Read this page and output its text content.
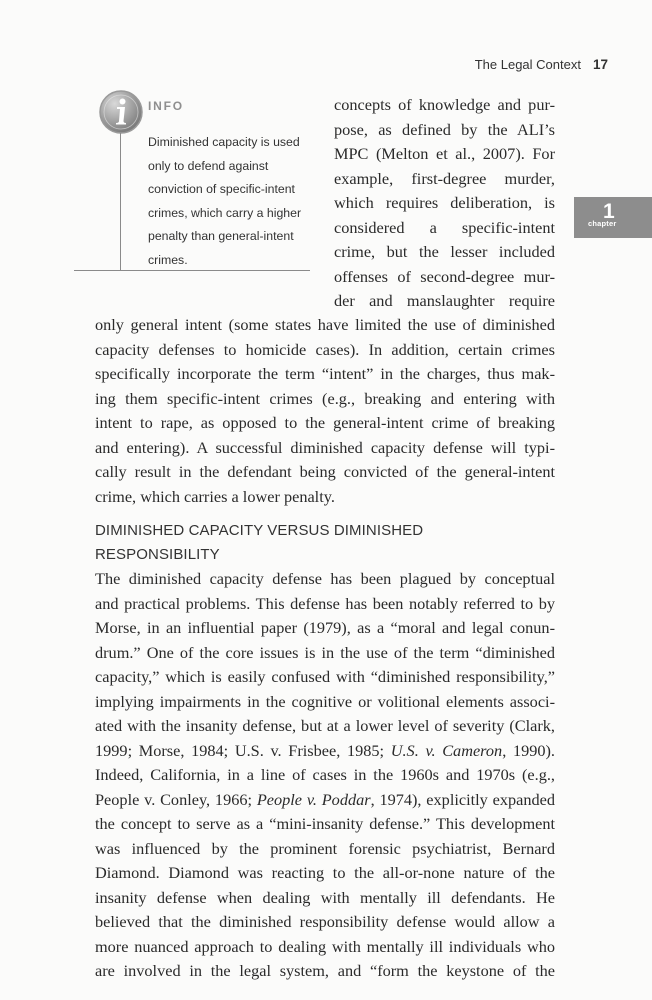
The Legal Context 17
1
chapter
INFO
Diminished capacity is used
only to defend against
conviction of specific-intent
crimes, which carry a higher
penalty than general-intent
crimes.
concepts of knowledge and pur-
pose, as defined by the ALI’s
MPC (Melton et al., 2007). For
example, first-degree murder,
which requires deliberation, is
considered a specific-intent
crime, but the lesser included
offenses of second-degree mur-
der and manslaughter require
only general intent (some states have limited the use of diminished
capacity defenses to homicide cases). In addition, certain crimes
specifically incorporate the term “intent” in the charges, thus mak-
ing them specific-intent crimes (e.g., breaking and entering with
intent to rape, as opposed to the general-intent crime of breaking
and entering). A successful diminished capacity defense will typi-
cally result in the defendant being convicted of the general-intent
crime, which carries a lower penalty.
DIMINISHED CAPACITY VERSUS DIMINISHED
RESPONSIBILITY
The diminished capacity defense has been plagued by conceptual
and practical problems. This defense has been notably referred to by
Morse, in an influential paper (1979), as a “moral and legal conun-
drum.” One of the core issues is in the use of the term “diminished
capacity,” which is easily confused with “diminished responsibility,”
implying impairments in the cognitive or volitional elements associ-
ated with the insanity defense, but at a lower level of severity (Clark,
1999; Morse, 1984; U.S. v. Frisbee, 1985; U.S. v. Cameron, 1990).
Indeed, California, in a line of cases in the 1960s and 1970s (e.g.,
People v. Conley, 1966; People v. Poddar, 1974), explicitly expanded
the concept to serve as a “mini-insanity defense.” This development
was influenced by the prominent forensic psychiatrist, Bernard
Diamond. Diamond was reacting to the all-or-none nature of the
insanity defense when dealing with mentally ill defendants. He
believed that the diminished responsibility defense would allow a
more nuanced approach to dealing with mentally ill individuals who
are involved in the legal system, and “form the keystone of the
